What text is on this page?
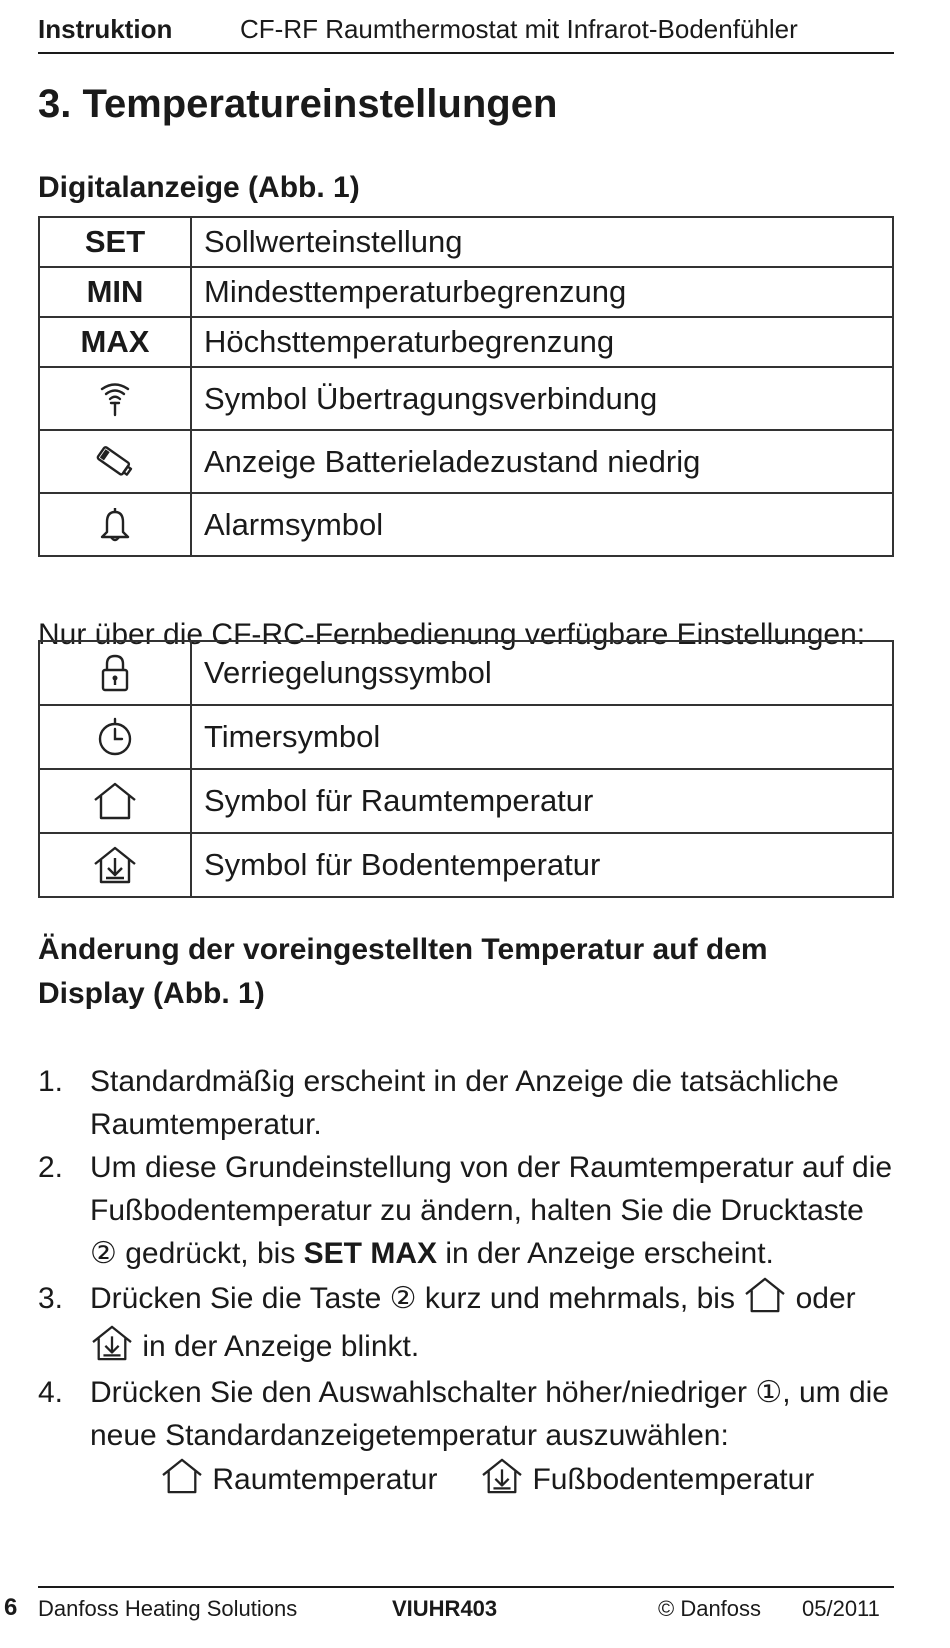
Instruktion	CF-RF Raumthermostat mit Infrarot-Bodenfühler
3. Temperatureinstellungen
Digitalanzeige (Abb. 1)
SET	Sollwerteinstellung
MIN	Mindesttemperaturbegrenzung
MAX	Höchsttemperaturbegrenzung

	Symbol Übertragungsverbindung

	Anzeige Batterieladezustand niedrig

	Alarmsymbol

Nur über die CF-RC-Fernbedienung verfügbare Einstellungen:

	Verriegelungssymbol

	Timersymbol

	Symbol für Raumtemperatur

	Symbol für Bodentemperatur
Änderung der voreingestellten Temperatur auf dem
Display (Abb. 1)
1. Standardmäßig erscheint in der Anzeige die tatsächliche Raumtemperatur.
2. Um diese Grundeinstellung von der Raumtemperatur auf die Fußbodentemperatur zu ändern, halten Sie die Drucktaste ② gedrückt, bis SET MAX in der Anzeige erscheint.
3. Drücken Sie die Taste ② kurz und mehrmals, bis  oder  in der Anzeige blinkt.
4. Drücken Sie den Auswahlschalter höher/niedriger ①, um die neue Standardanzeigetemperatur auszuwählen:
Raumtemperatur	Fußbodentemperatur
6 Danfoss Heating Solutions	VIUHR403	© Danfoss 05/2011
